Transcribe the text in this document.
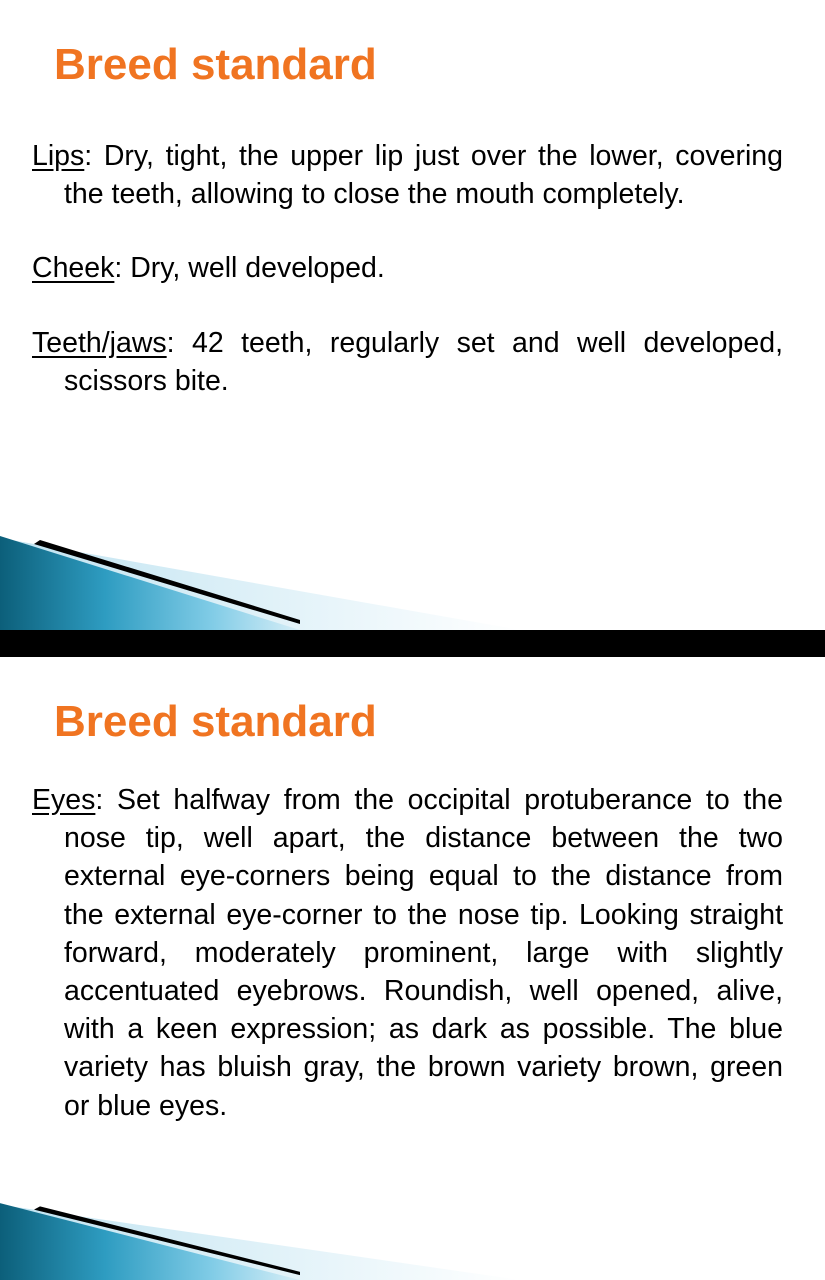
Breed standard

Lips: Dry, tight, the upper lip just over the lower, covering the teeth, allowing to close the mouth completely.

Cheek: Dry, well developed.

Teeth/jaws: 42 teeth, regularly set and well developed, scissors bite.

Breed standard

Eyes: Set halfway from the occipital protuberance to the nose tip, well apart, the distance between the two external eye-corners being equal to the distance from the external eye-corner to the nose tip. Looking straight forward, moderately prominent, large with slightly accentuated eyebrows. Roundish, well opened, alive, with a keen expression; as dark as possible. The blue variety has bluish gray, the brown variety brown, green or blue eyes.
